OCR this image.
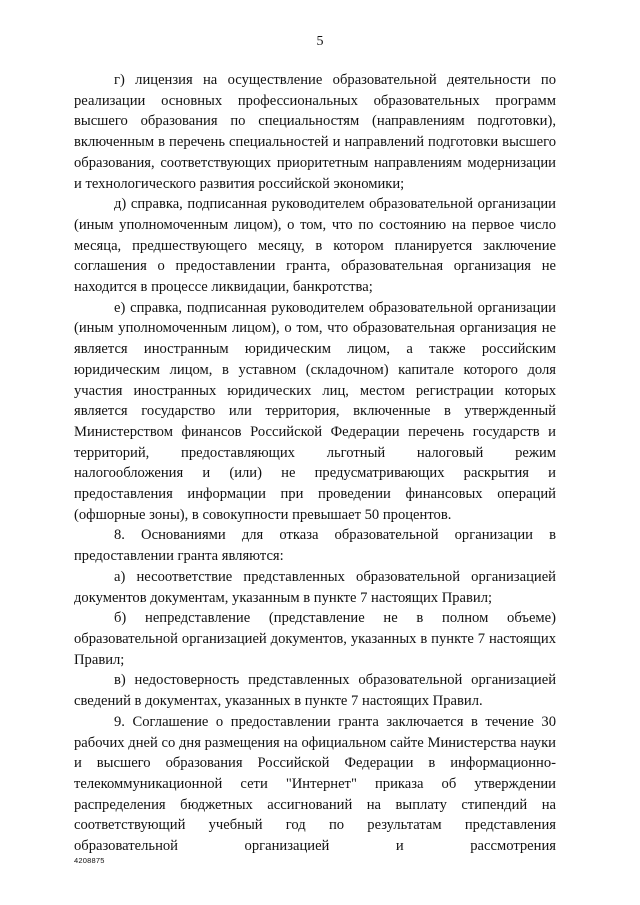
5

г) лицензия на осуществление образовательной деятельности по реализации основных профессиональных образовательных программ высшего образования по специальностям (направлениям подготовки), включенным в перечень специальностей и направлений подготовки высшего образования, соответствующих приоритетным направлениям модернизации и технологического развития российской экономики;

д) справка, подписанная руководителем образовательной организации (иным уполномоченным лицом), о том, что по состоянию на первое число месяца, предшествующего месяцу, в котором планируется заключение соглашения о предоставлении гранта, образовательная организация не находится в процессе ликвидации, банкротства;

е) справка, подписанная руководителем образовательной организации (иным уполномоченным лицом), о том, что образовательная организация не является иностранным юридическим лицом, а также российским юридическим лицом, в уставном (складочном) капитале которого доля участия иностранных юридических лиц, местом регистрации которых является государство или территория, включенные в утвержденный Министерством финансов Российской Федерации перечень государств и территорий, предоставляющих льготный налоговый режим налогообложения и (или) не предусматривающих раскрытия и предоставления информации при проведении финансовых операций (офшорные зоны), в совокупности превышает 50 процентов.

8. Основаниями для отказа образовательной организации в предоставлении гранта являются:

а) несоответствие представленных образовательной организацией документов документам, указанным в пункте 7 настоящих Правил;

б) непредставление (представление не в полном объеме) образовательной организацией документов, указанных в пункте 7 настоящих Правил;

в) недостоверность представленных образовательной организацией сведений в документах, указанных в пункте 7 настоящих Правил.

9. Соглашение о предоставлении гранта заключается в течение 30 рабочих дней со дня размещения на официальном сайте Министерства науки и высшего образования Российской Федерации в информационно-телекоммуникационной сети "Интернет" приказа об утверждении распределения бюджетных ассигнований на выплату стипендий на соответствующий учебный год по результатам представления образовательной организацией и рассмотрения

4208875
